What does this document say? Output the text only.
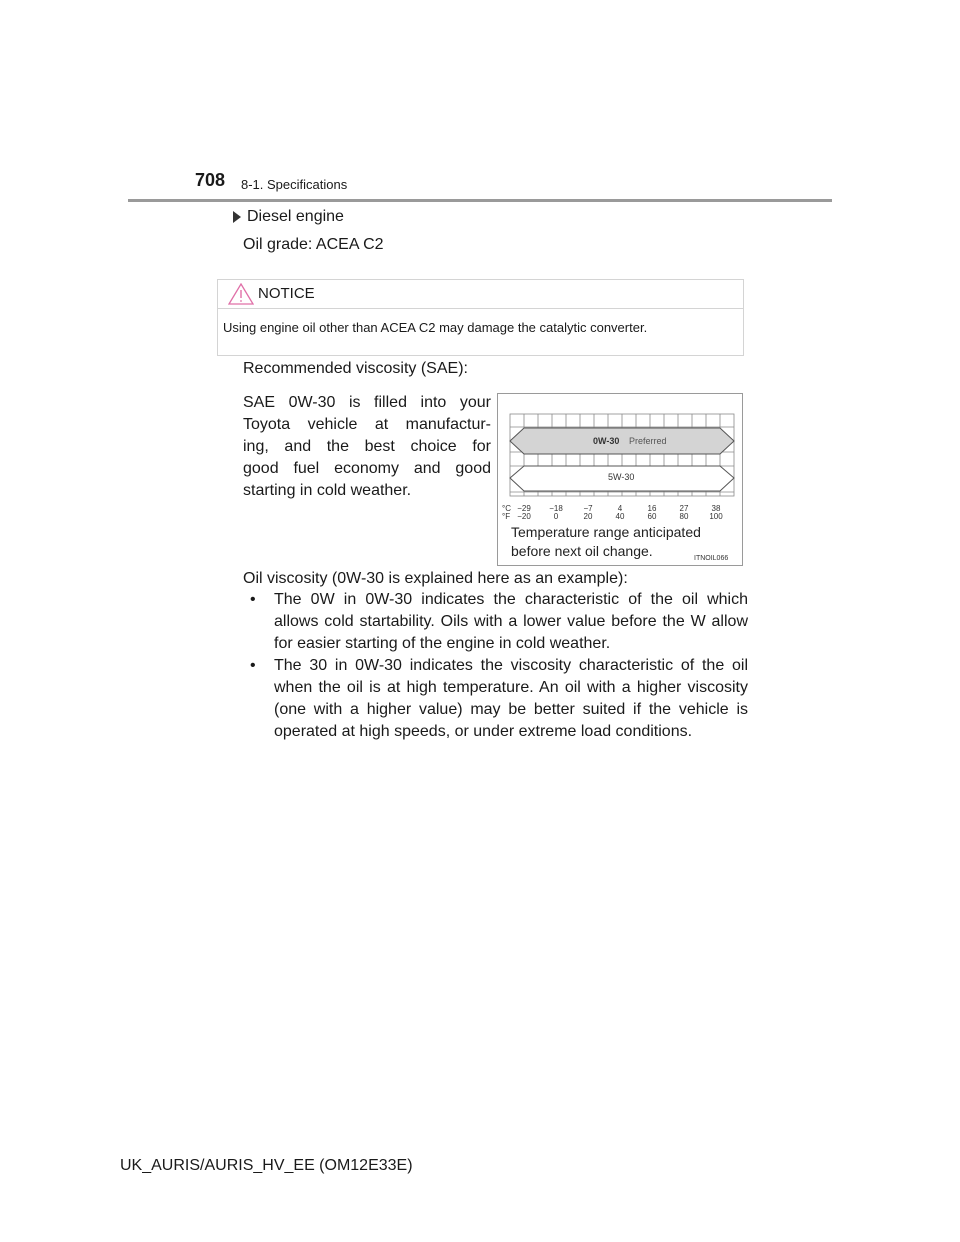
708 8-1. Specifications
Diesel engine
Oil grade: ACEA C2
NOTICE
Using engine oil other than ACEA C2 may damage the catalytic converter.
Recommended viscosity (SAE):
SAE 0W-30 is filled into your
Toyota vehicle at manufactur-
ing, and the best choice for
good fuel economy and good
starting in cold weather.
0W-30 Preferred
5W-30
°C
°F
−29
−20
−18
0
−7
20
4
40
16
60
27
80
38
100
Temperature range anticipated
before next oil change.	ITNOIL066
Oil viscosity (0W-30 is explained here as an example):
• The 0W in 0W-30 indicates the characteristic of the oil which
allows cold startability. Oils with a lower value before the W allow
for easier starting of the engine in cold weather.
• The 30 in 0W-30 indicates the viscosity characteristic of the oil
when the oil is at high temperature. An oil with a higher viscosity
(one with a higher value) may be better suited if the vehicle is
operated at high speeds, or under extreme load conditions.
UK_AURIS/AURIS_HV_EE (OM12E33E)
